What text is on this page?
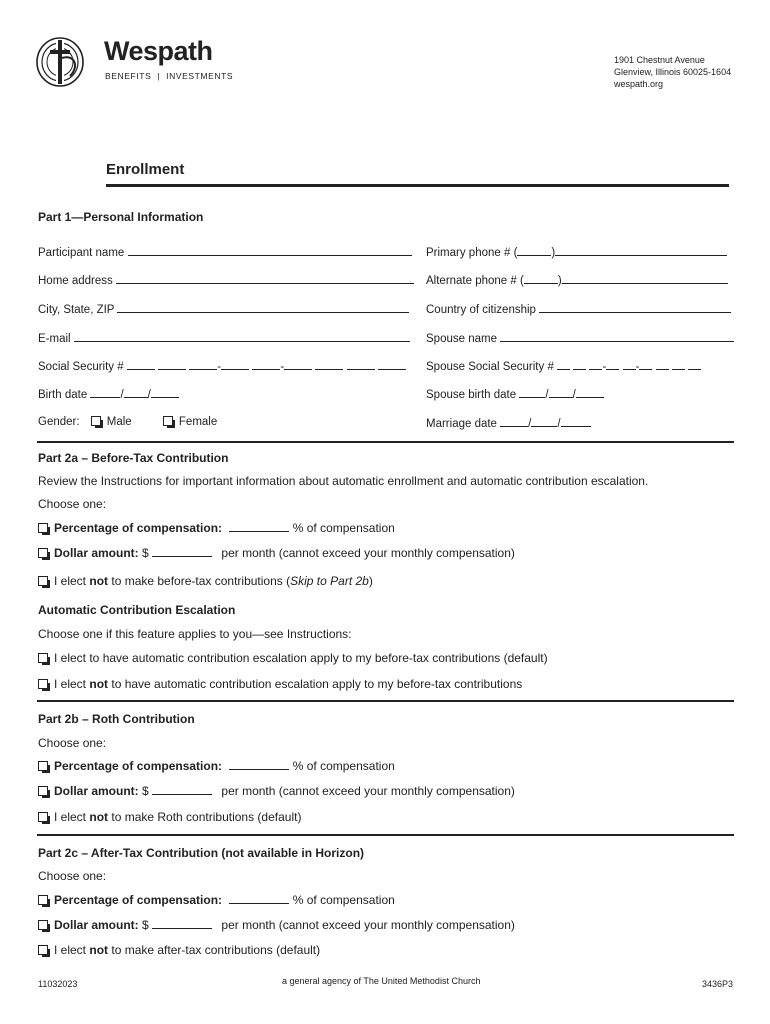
Wespath
BENEFITS | INVESTMENTS
1901 Chestnut Avenue
Glenview, Illinois 60025-1604
wespath.org
Enrollment
Part 1—Personal Information
Participant name	Primary phone # (	)
Home address	Alternate phone # (	)
City, State, ZIP	Country of citizenship
E-mail	Spouse name
Social Security #	-	-	Spouse Social Security #	-	-
Birth date	/ /	Spouse birth date	/ /
Gender: Male	Female	Marriage date	/ /
Part 2a – Before-Tax Contribution
Review the Instructions for important information about automatic enrollment and automatic contribution escalation.
Choose one:
Percentage of compensation:	% of compensation
Dollar amount: $	per month (cannot exceed your monthly compensation)
I elect not to make before-tax contributions (Skip to Part 2b)
Automatic Contribution Escalation
Choose one if this feature applies to you—see Instructions:
I elect to have automatic contribution escalation apply to my before-tax contributions (default)
I elect not to have automatic contribution escalation apply to my before-tax contributions
Part 2b – Roth Contribution
Choose one:
Percentage of compensation:	% of compensation
Dollar amount: $	per month (cannot exceed your monthly compensation)
I elect not to make Roth contributions (default)
Part 2c – After-Tax Contribution (not available in Horizon)
Choose one:
Percentage of compensation:	% of compensation
Dollar amount: $	per month (cannot exceed your monthly compensation)
I elect not to make after-tax contributions (default)
11032023	a general agency of The United Methodist Church	3436P3
